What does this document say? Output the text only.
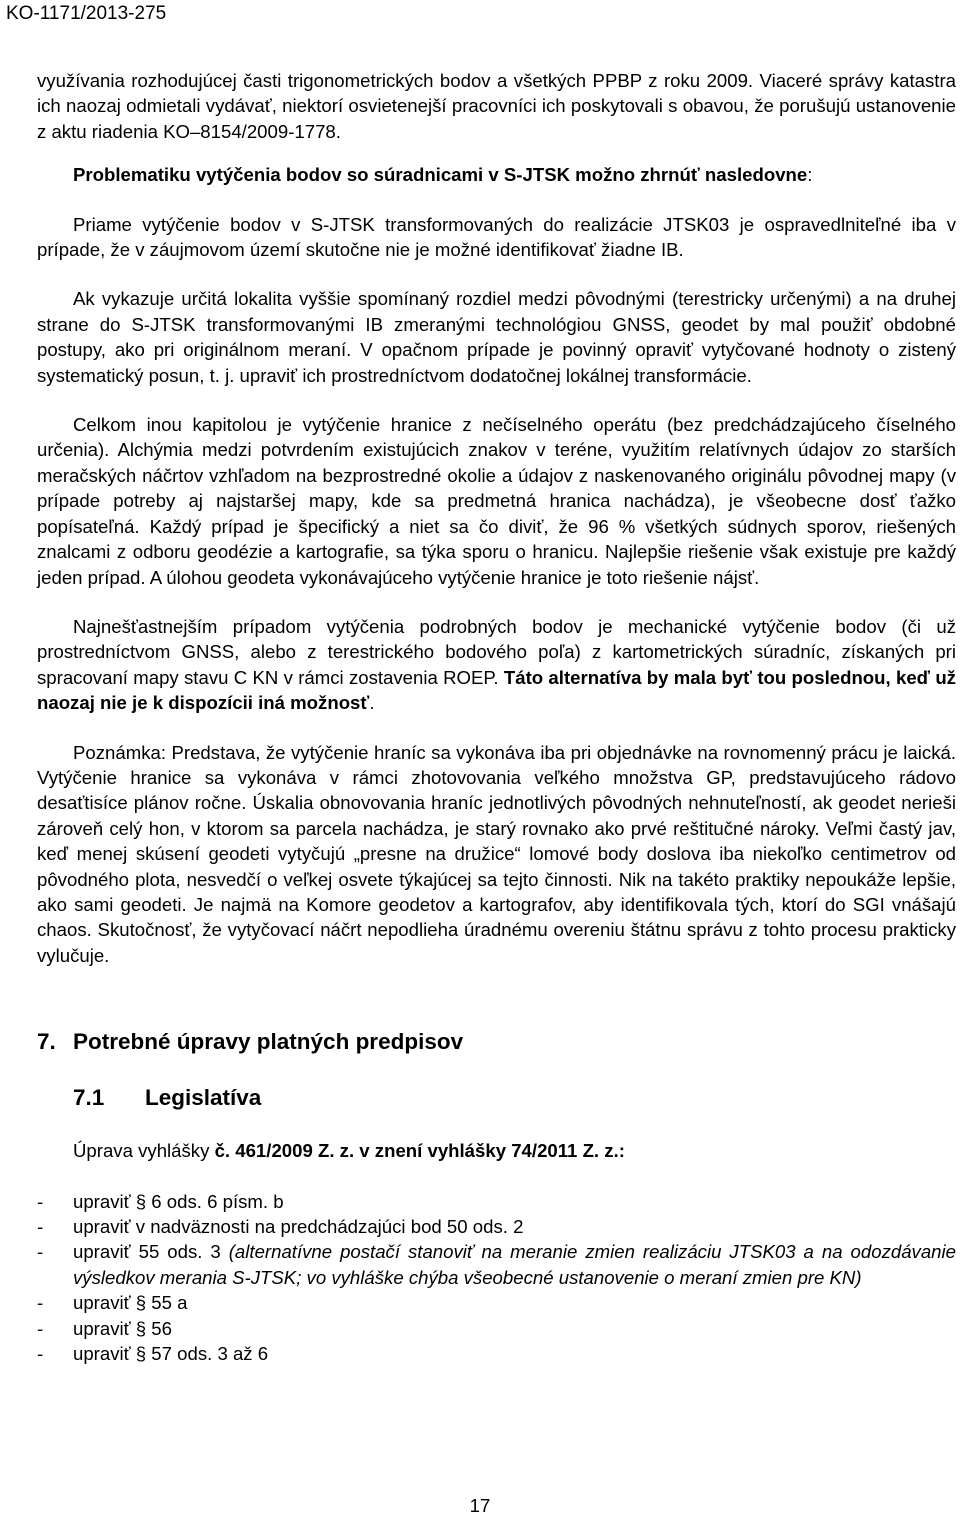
KO-1171/2013-275

využívania rozhodujúcej časti trigonometrických bodov a všetkých PPBP z roku 2009. Viaceré správy katastra ich naozaj odmietali vydávať, niektorí osvietenejší pracovníci ich poskytovali s obavou, že porušujú ustanovenie z aktu riadenia KO–8154/2009-1778.

Problematiku vytýčenia bodov so súradnicami v S-JTSK možno zhrnúť nasledovne:

Priame vytýčenie bodov v S-JTSK transformovaných do realizácie JTSK03 je ospravedlniteľné iba v prípade, že v záujmovom území skutočne nie je možné identifikovať žiadne IB.

Ak vykazuje určitá lokalita vyššie spomínaný rozdiel medzi pôvodnými (terestricky určenými) a na druhej strane do S-JTSK transformovanými IB zmeranými technológiou GNSS, geodet by mal použiť obdobné postupy, ako pri originálnom meraní. V opačnom prípade je povinný opraviť vytyčované hodnoty o zistený systematický posun, t. j. upraviť ich prostredníctvom dodatočnej lokálnej transformácie.

Celkom inou kapitolou je vytýčenie hranice z nečíselného operátu (bez predchádzajúceho číselného určenia). Alchýmia medzi potvrdením existujúcich znakov v teréne, využitím relatívnych údajov zo starších meračských náčrtov vzhľadom na bezprostredné okolie a údajov z naskenovaného originálu pôvodnej mapy (v prípade potreby aj najstaršej mapy, kde sa predmetná hranica nachádza), je všeobecne dosť ťažko popísateľná. Každý prípad je špecifický a niet sa čo diviť, že 96 % všetkých súdnych sporov, riešených znalcami z odboru geodézie a kartografie, sa týka sporu o hranicu. Najlepšie riešenie však existuje pre každý jeden prípad. A úlohou geodeta vykonávajúceho vytýčenie hranice je toto riešenie nájsť.

Najnešťastnejším prípadom vytýčenia podrobných bodov je mechanické vytýčenie bodov (či už prostredníctvom GNSS, alebo z terestrického bodového poľa) z kartometrických súradníc, získaných pri spracovaní mapy stavu C KN v rámci zostavenia ROEP. Táto alternatíva by mala byť tou poslednou, keď už naozaj nie je k dispozícii iná možnosť.

Poznámka: Predstava, že vytýčenie hraníc sa vykonáva iba pri objednávke na rovnomenný prácu je laická. Vytýčenie hranice sa vykonáva v rámci zhotovovania veľkého množstva GP, predstavujúceho rádovo desaťtisíce plánov ročne. Úskalia obnovovania hraníc jednotlivých pôvodných nehnuteľností, ak geodet nerieši zároveň celý hon, v ktorom sa parcela nachádza, je starý rovnako ako prvé reštitučné nároky. Veľmi častý jav, keď menej skúsení geodeti vytyčujú „presne na družice“ lomové body doslova iba niekoľko centimetrov od pôvodného plota, nesvedčí o veľkej osvete týkajúcej sa tejto činnosti. Nik na takéto praktiky nepoukáže lepšie, ako sami geodeti. Je najmä na Komore geodetov a kartografov, aby identifikovala tých, ktorí do SGI vnášajú chaos. Skutočnosť, že vytyčovací náčrt nepodlieha úradnému overeniu štátnu správu z tohto procesu prakticky vylučuje.

7. Potrebné úpravy platných predpisov
7.1 Legislatíva

Úprava vyhlášky č. 461/2009 Z. z. v znení vyhlášky 74/2011 Z. z.:

- upraviť § 6 ods. 6 písm. b
- upraviť v nadväznosti na predchádzajúci bod 50 ods. 2
- upraviť 55 ods. 3 (alternatívne postačí stanoviť na meranie zmien realizáciu JTSK03 a na odozdávanie výsledkov merania S-JTSK; vo vyhláške chýba všeobecné ustanovenie o meraní zmien pre KN)
- upraviť § 55 a
- upraviť § 56
- upraviť § 57 ods. 3 až 6
17
